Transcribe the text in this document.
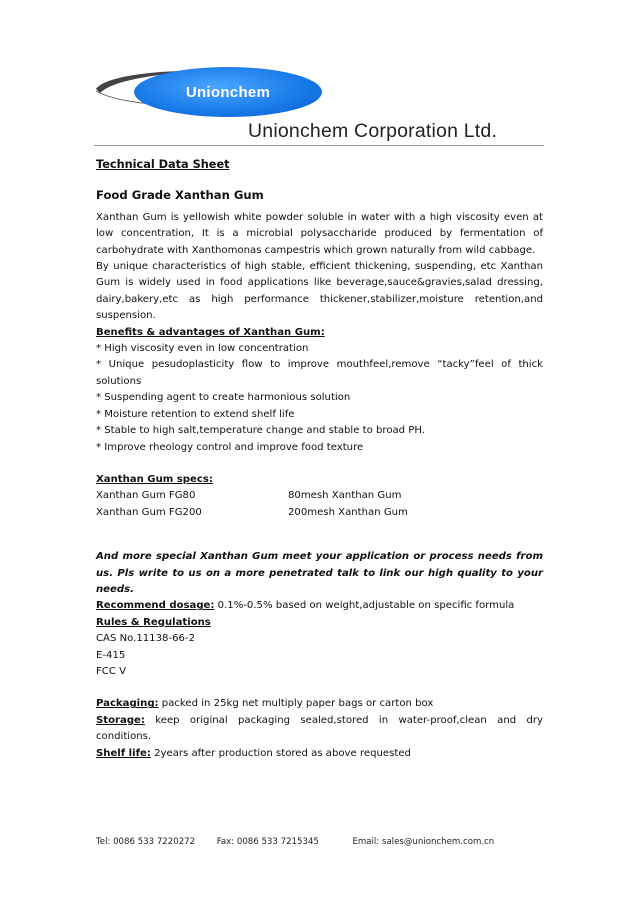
Unionchem
Unionchem Corporation Ltd.
Technical Data Sheet
Food Grade Xanthan Gum
Xanthan Gum is yellowish white powder soluble in water with a high viscosity even at low concentration, It is a microbial polysaccharide produced by fermentation of carbohydrate with Xanthomonas campestris which grown naturally from wild cabbage.
By unique characteristics of high stable, efficient thickening, suspending, etc Xanthan Gum is widely used in food applications like beverage,sauce&gravies,salad dressing, dairy,bakery,etc as high performance thickener,stabilizer,moisture retention,and suspension.
Benefits & advantages of Xanthan Gum:
* High viscosity even in low concentration
* Unique pesudoplasticity flow to improve mouthfeel,remove “tacky”feel of thick solutions
* Suspending agent to create harmonious solution
* Moisture retention to extend shelf life
* Stable to high salt,temperature change and stable to broad PH.
* Improve rheology control and improve food texture
Xanthan Gum specs:
Xanthan Gum FG80	80mesh Xanthan Gum
Xanthan Gum FG200	200mesh Xanthan Gum
And more special Xanthan Gum meet your application or process needs from us. Pls write to us on a more penetrated talk to link our high quality to your needs.
Recommend dosage: 0.1%-0.5% based on weight,adjustable on specific formula
Rules & Regulations
CAS No.11138-66-2
E-415
FCC V
Packaging: packed in 25kg net multiply paper bags or carton box
Storage: keep original packaging sealed,stored in water-proof,clean and dry conditions.
Shelf life: 2years after production stored as above requested
Tel: 0086 533 7220272	Fax: 0086 533 7215345	Email: sales@unionchem.com.cn
